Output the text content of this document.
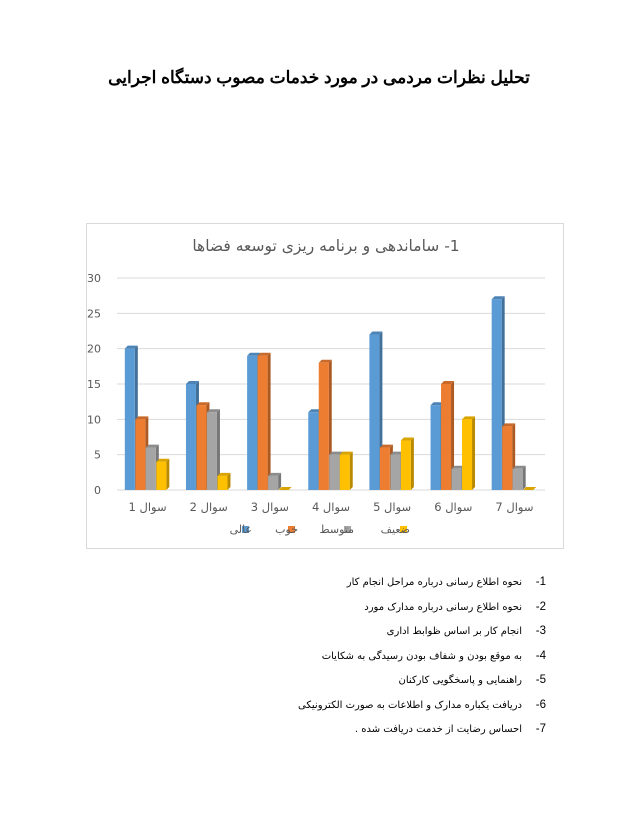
تحلیل نظرات مردمی در مورد خدمات مصوب دستگاه اجرایی
1- ساماندهی و برنامه ریزی توسعه فضاها
0
5
10
15
20
25
30
سوال 1 سوال 2 سوال 3 سوال 4 سوال 5 سوال 6 سوال 7
عالی خوب متوسط ضعیف
1-نحوه اطلاع رسانی درباره مراحل انجام کار
2-نحوه اطلاع رسانی درباره مدارک مورد
3-انجام کار بر اساس ظوابط اداری
4-به موقع بودن و شفاف بودن رسیدگی به شکایات
5-راهنمایی و پاسخگویی کارکنان
6-دریافت یکباره مدارک و اطلاعات به صورت الکترونیکی
7-احساس رضایت از خدمت دریافت شده .
